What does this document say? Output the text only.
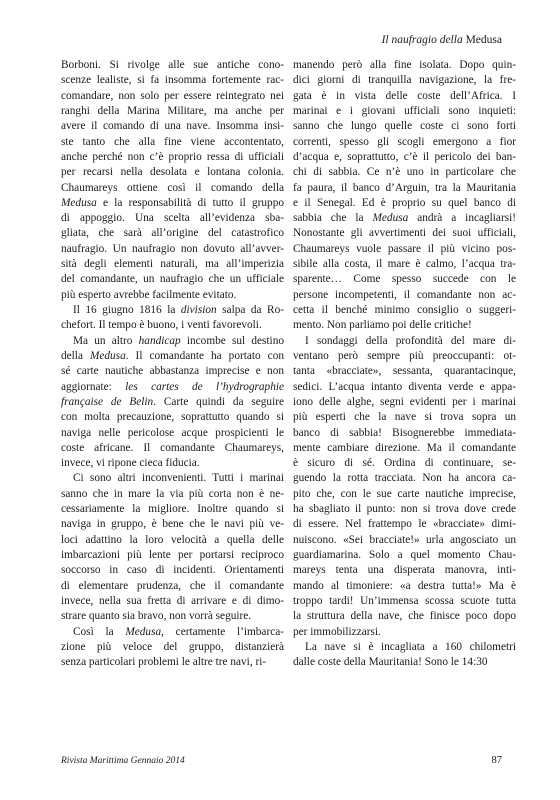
Il naufragio della Medusa

Borboni. Si rivolge alle sue antiche cono-
scenze lealiste, si fa insomma fortemente rac-
comandare, non solo per essere reintegrato nei
ranghi della Marina Militare, ma anche per
avere il comando di una nave. Insomma insi-
ste tanto che alla fine viene accontentato,
anche perché non c’è proprio ressa di ufficiali
per recarsi nella desolata e lontana colonia.
Chaumareys ottiene così il comando della
Medusa e la responsabilità di tutto il gruppo
di appoggio. Una scelta all’evidenza sba-
gliata, che sarà all’origine del catastrofico
naufragio. Un naufragio non dovuto all’avver-
sità degli elementi naturali, ma all’imperizia
del comandante, un naufragio che un ufficiale
più esperto avrebbe facilmente evitato.

Il 16 giugno 1816 la division salpa da Ro-
chefort. Il tempo è buono, i venti favorevoli.

Ma un altro handicap incombe sul destino
della Medusa. Il comandante ha portato con
sé carte nautiche abbastanza imprecise e non
aggiornate: les cartes de l’hydrographie
française de Belin. Carte quindi da seguire
con molta precauzione, soprattutto quando si
naviga nelle pericolose acque prospicienti le
coste africane. Il comandante Chaumareys,
invece, vi ripone cieca fiducia.

Ci sono altri inconvenienti. Tutti i marinai
sanno che in mare la via più corta non è ne-
cessariamente la migliore. Inoltre quando si
naviga in gruppo, è bene che le navi più ve-
loci adattino la loro velocità a quella delle
imbarcazioni più lente per portarsi reciproco
soccorso in caso di incidenti. Orientamenti
di elementare prudenza, che il comandante
invece, nella sua fretta di arrivare e di dimo-
strare quanto sia bravo, non vorrà seguire.

Così la Medusa, certamente l’imbarca-
zione più veloce del gruppo, distanzierà
senza particolari problemi le altre tre navi, ri-

manendo però alla fine isolata. Dopo quin-
dici giorni di tranquilla navigazione, la fre-
gata è in vista delle coste dell’Africa. I
marinai e i giovani ufficiali sono inquieti:
sanno che lungo quelle coste ci sono forti
correnti, spesso gli scogli emergono a fior
d’acqua e, soprattutto, c’è il pericolo dei ban-
chi di sabbia. Ce n’è uno in particolare che
fa paura, il banco d’Arguin, tra la Mauritania
e il Senegal. Ed è proprio su quel banco di
sabbia che la Medusa andrà a incagliarsi!
Nonostante gli avvertimenti dei suoi ufficiali,
Chaumareys vuole passare il più vicino pos-
sibile alla costa, il mare è calmo, l’acqua tra-
sparente… Come spesso succede con le
persone incompetenti, il comandante non ac-
cetta il benché minimo consiglio o suggeri-
mento. Non parliamo poi delle critiche!

I sondaggi della profondità del mare di-
ventano però sempre più preoccupanti: ot-
tanta «bracciate», sessanta, quarantacinque,
sedici. L’acqua intanto diventa verde e appa-
iono delle alghe, segni evidenti per i marinai
più esperti che la nave si trova sopra un
banco di sabbia! Bisognerebbe immediata-
mente cambiare direzione. Ma il comandante
è sicuro di sé. Ordina di continuare, se-
guendo la rotta tracciata. Non ha ancora ca-
pito che, con le sue carte nautiche imprecise,
ha sbagliato il punto: non si trova dove crede
di essere. Nel frattempo le «bracciate» dimi-
nuiscono. «Sei bracciate!» urla angosciato un
guardiamarina. Solo a quel momento Chau-
mareys tenta una disperata manovra, inti-
mando al timoniere: «a destra tutta!» Ma è
troppo tardi! Un’immensa scossa scuote tutta
la struttura della nave, che finisce poco dopo
per immobilizzarsi.

La nave si è incagliata a 160 chilometri
dalle coste della Mauritania! Sono le 14:30

Rivista Marittima Gennaio 2014	87
